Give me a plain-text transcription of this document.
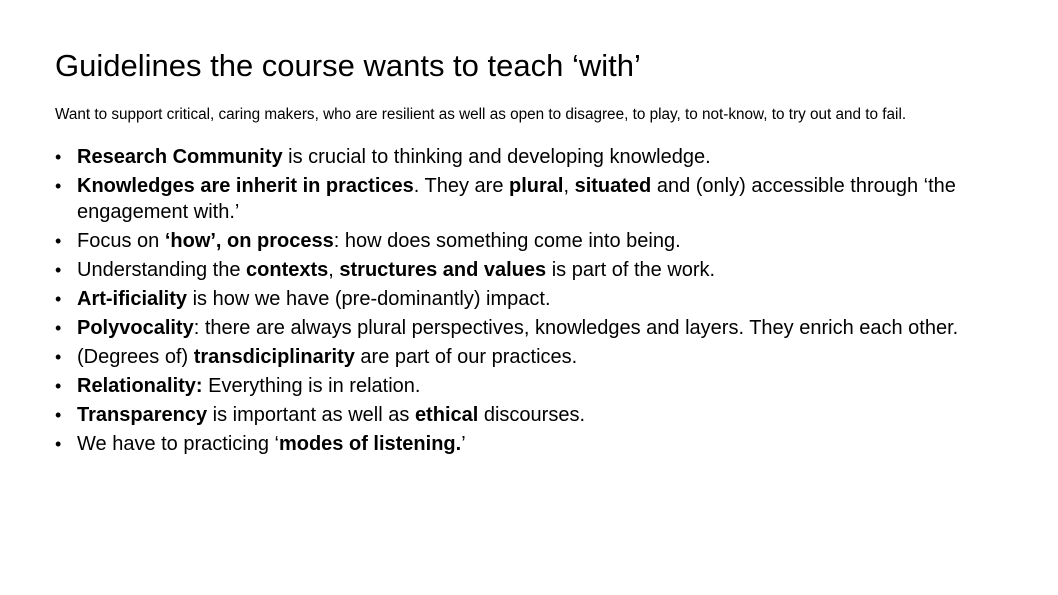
Guidelines the course wants to teach ‘with’

Want to support critical, caring makers, who are resilient as well as open to disagree, to play, to not-know, to try out and to fail.

• Research Community is crucial to thinking and developing knowledge.
• Knowledges are inherit in practices. They are plural, situated and (only) accessible through ‘the engagement with.’
• Focus on ‘how’, on process: how does something come into being.
• Understanding the contexts, structures and values is part of the work.
• Art-ificiality is how we have (pre-dominantly) impact.
• Polyvocality: there are always plural perspectives, knowledges and layers. They enrich each other.
• (Degrees of) transdiciplinarity are part of our practices.
• Relationality: Everything is in relation.
• Transparency is important as well as ethical discourses.
• We have to practicing ‘modes of listening.’
